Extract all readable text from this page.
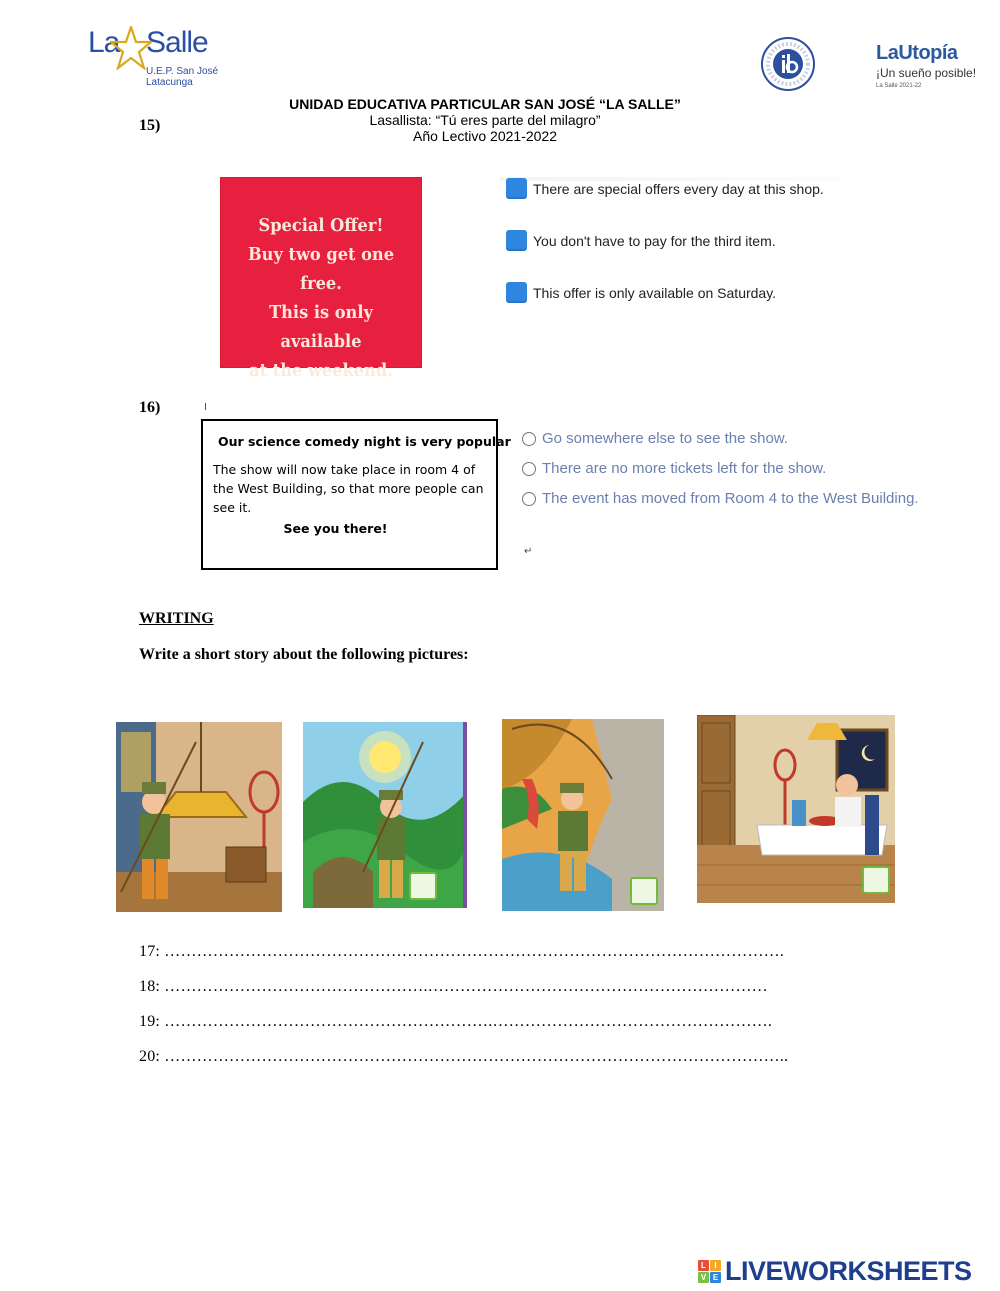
La Salle
U.E.P. San José
Latacunga
LaUtopía
¡Un sueño posible!
La Salle 2021-22
UNIDAD EDUCATIVA PARTICULAR SAN JOSÉ “LA SALLE”
Lasallista: “Tú eres parte del milagro”
Año Lectivo 2021-2022
15)
Special Offer!
Buy two get one free.
This is only available
at the weekend.
There are special offers every day at this shop.
You don't have to pay for the third item.
This offer is only available on Saturday.
16)
Our science comedy night is very popular
The show will now take place in room 4 of the West Building, so that more people can see it.
See you there!
Go somewhere else to see the show.
There are no more tickets left for the show.
The event has moved from Room 4 to the West Building.
↵
WRITING
Write a short story about the following pictures:
17: …………………………………………………………………………………………………….
18: ………………………………………….………………………………………………………
19: …………………………………………………….…………………………………………….
20: ……………………………………………………………………………………………………..
L	I
V E LIVEWORKSHEETS
